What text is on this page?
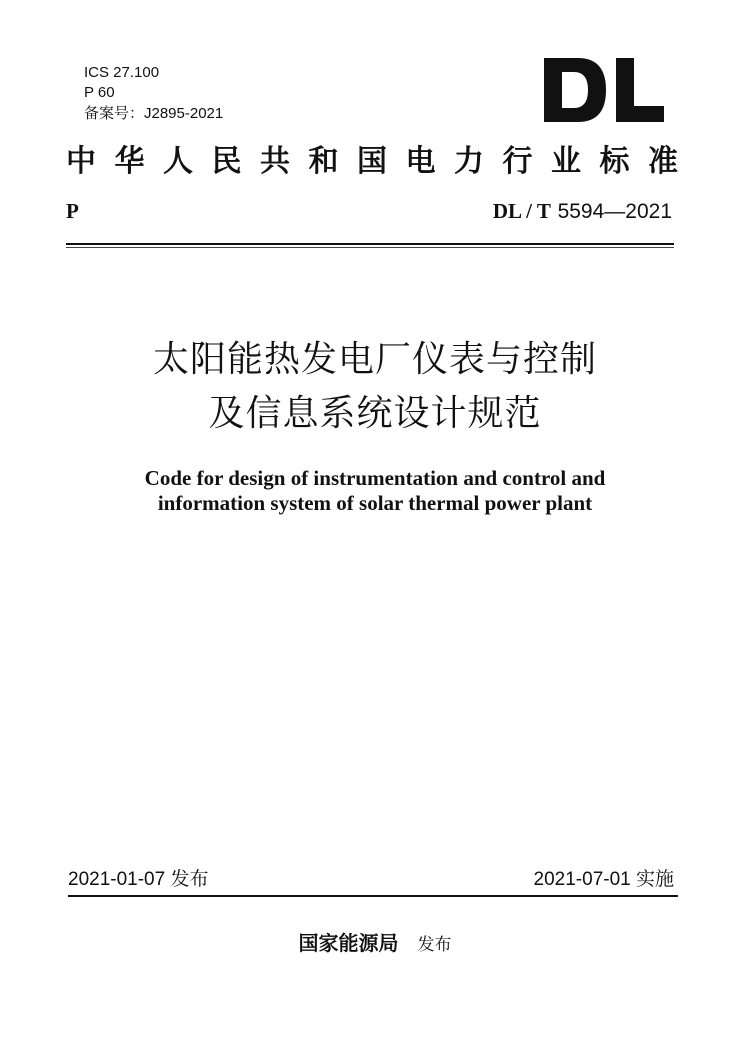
ICS 27.100
P 60
备案号：J2895-2021
中华人民共和国电力行业标准
P	DL / T 5594—2021
太阳能热发电厂仪表与控制
及信息系统设计规范
Code for design of instrumentation and control and
information system of solar thermal power plant
2021-01-07 发布	2021-07-01 实施
国家能源局 发布
